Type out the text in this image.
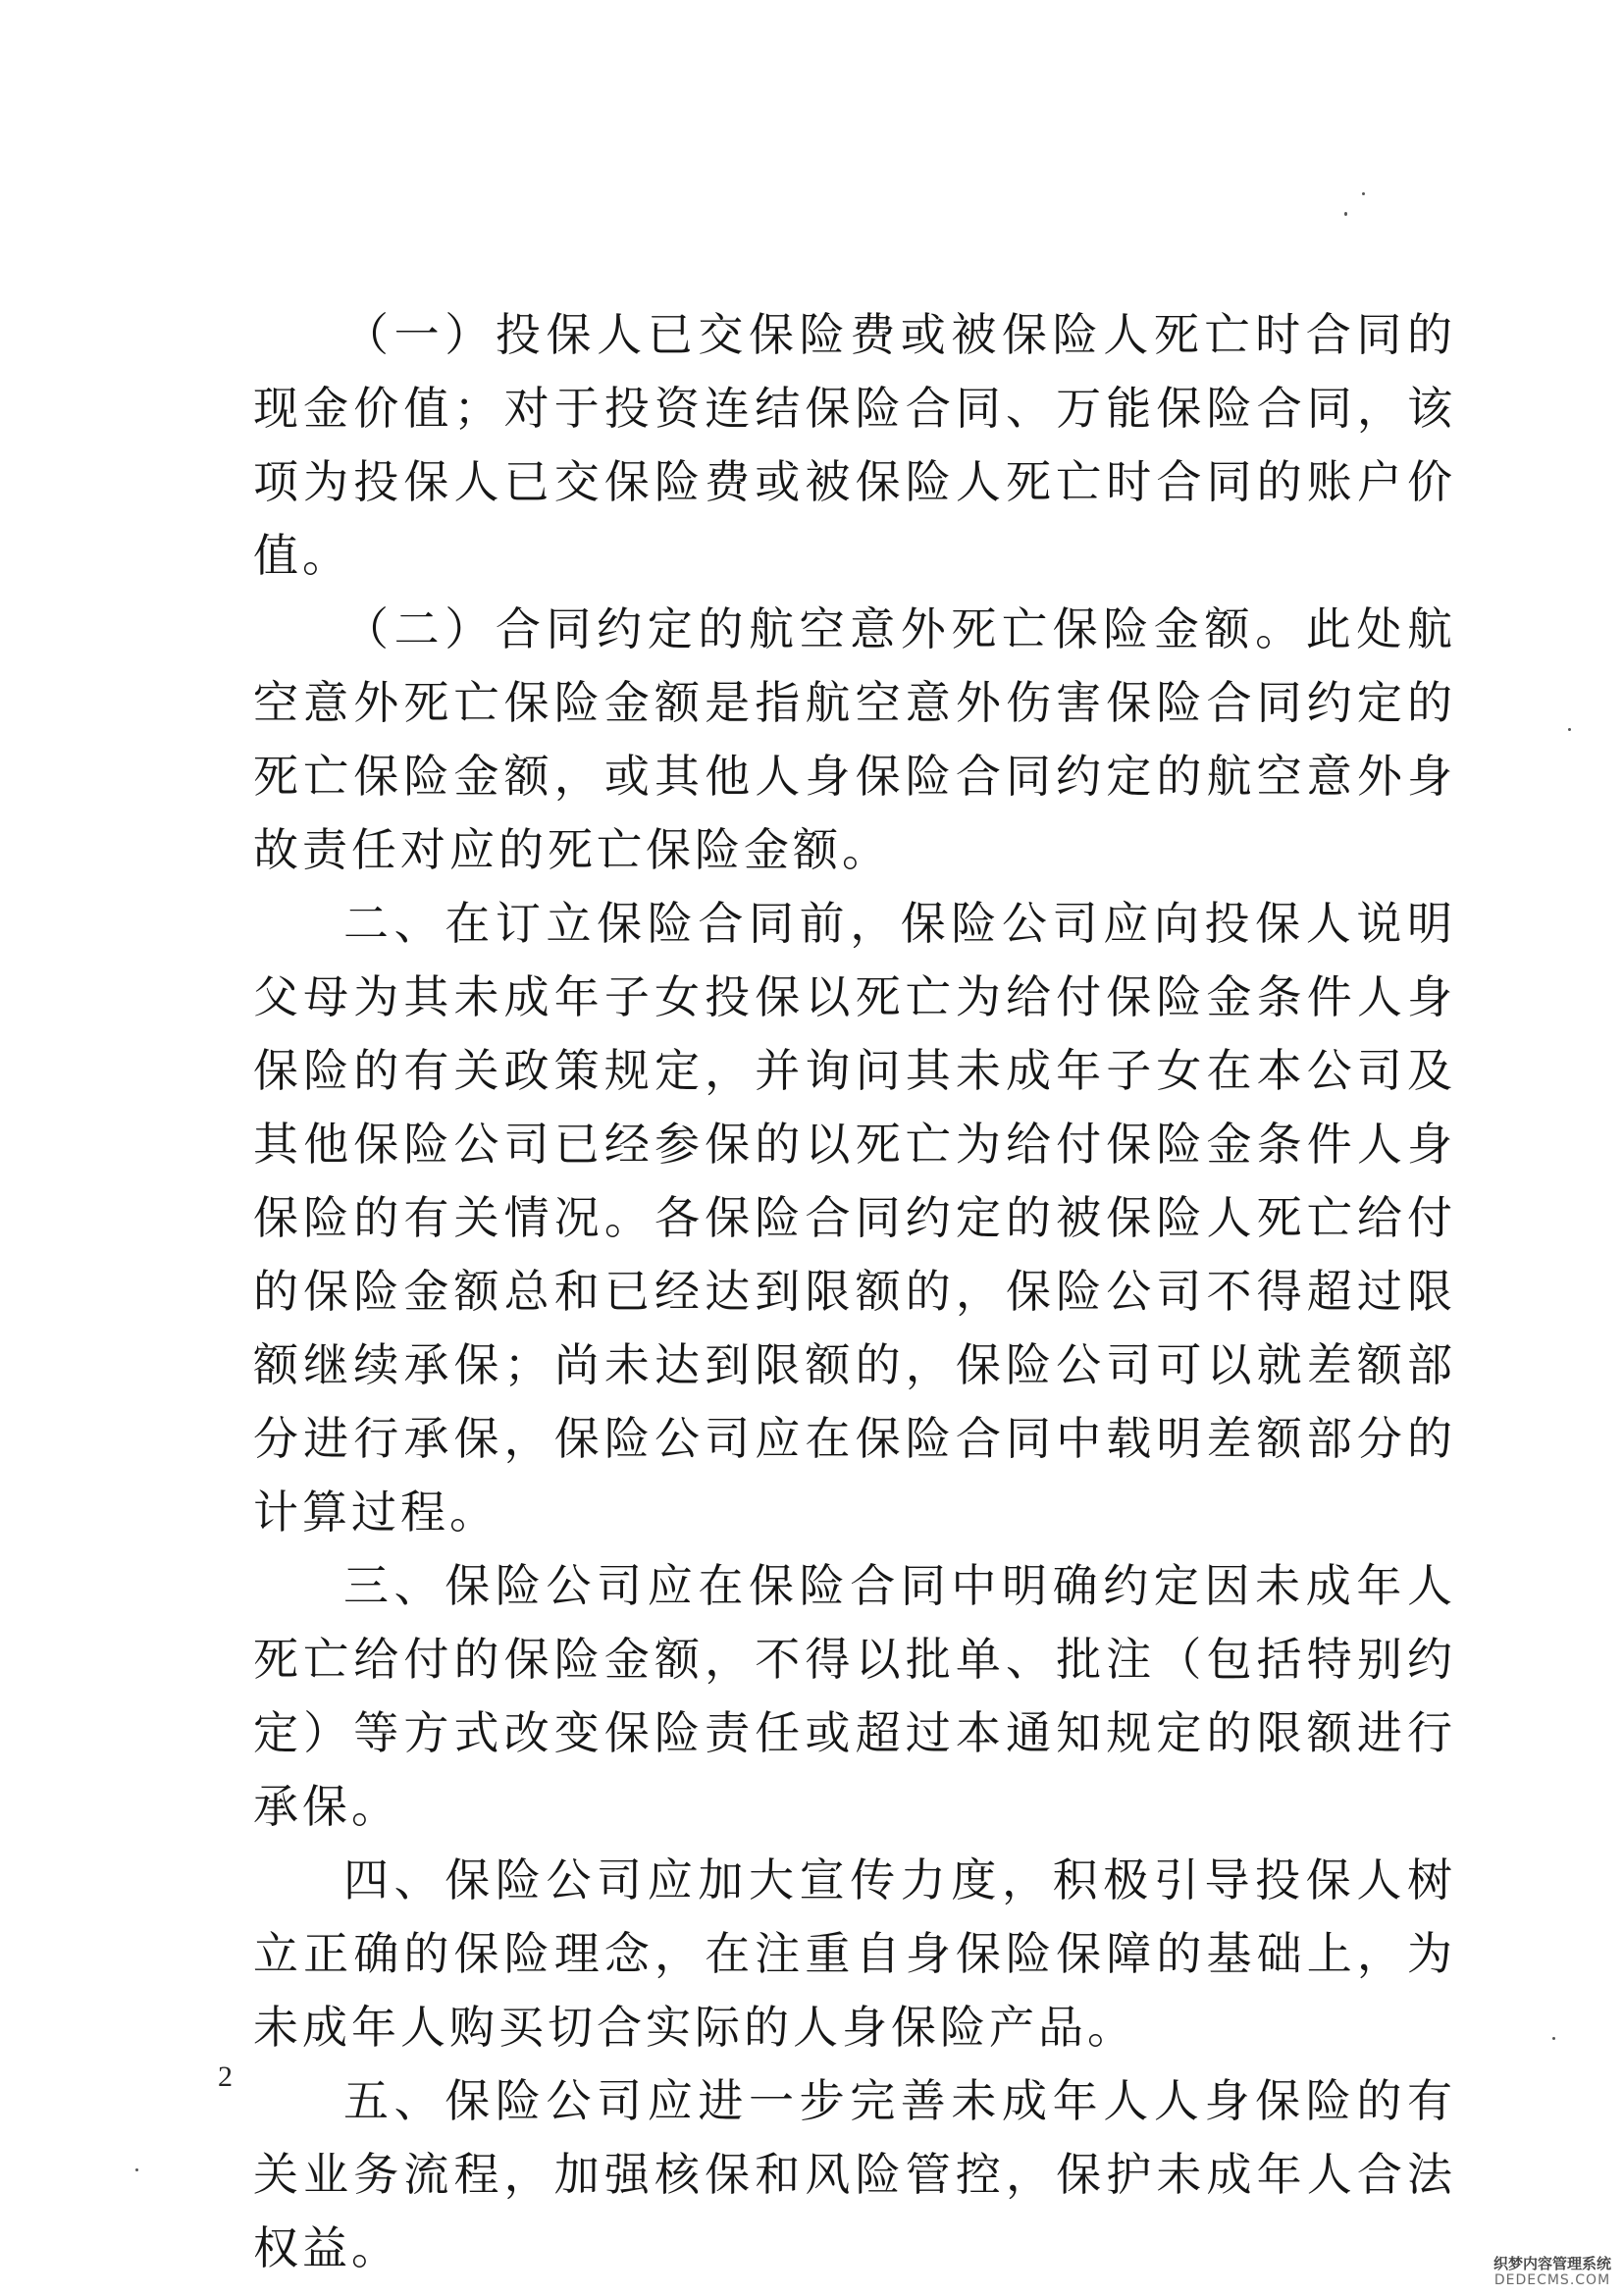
（一）投保人已交保险费或被保险人死亡时合同的现金价值；对于投资连结保险合同、万能保险合同，该项为投保人已交保险费或被保险人死亡时合同的账户价值。

（二）合同约定的航空意外死亡保险金额。此处航空意外死亡保险金额是指航空意外伤害保险合同约定的死亡保险金额，或其他人身保险合同约定的航空意外身故责任对应的死亡保险金额。

二、在订立保险合同前，保险公司应向投保人说明父母为其未成年子女投保以死亡为给付保险金条件人身保险的有关政策规定，并询问其未成年子女在本公司及其他保险公司已经参保的以死亡为给付保险金条件人身保险的有关情况。各保险合同约定的被保险人死亡给付的保险金额总和已经达到限额的，保险公司不得超过限额继续承保；尚未达到限额的，保险公司可以就差额部分进行承保，保险公司应在保险合同中载明差额部分的计算过程。

三、保险公司应在保险合同中明确约定因未成年人死亡给付的保险金额，不得以批单、批注（包括特别约定）等方式改变保险责任或超过本通知规定的限额进行承保。

四、保险公司应加大宣传力度，积极引导投保人树立正确的保险理念，在注重自身保险保障的基础上，为未成年人购买切合实际的人身保险产品。

五、保险公司应进一步完善未成年人人身保险的有关业务流程，加强核保和风险管控，保护未成年人合法权益。

2
织梦内容管理系统
DEDECMS.COM
